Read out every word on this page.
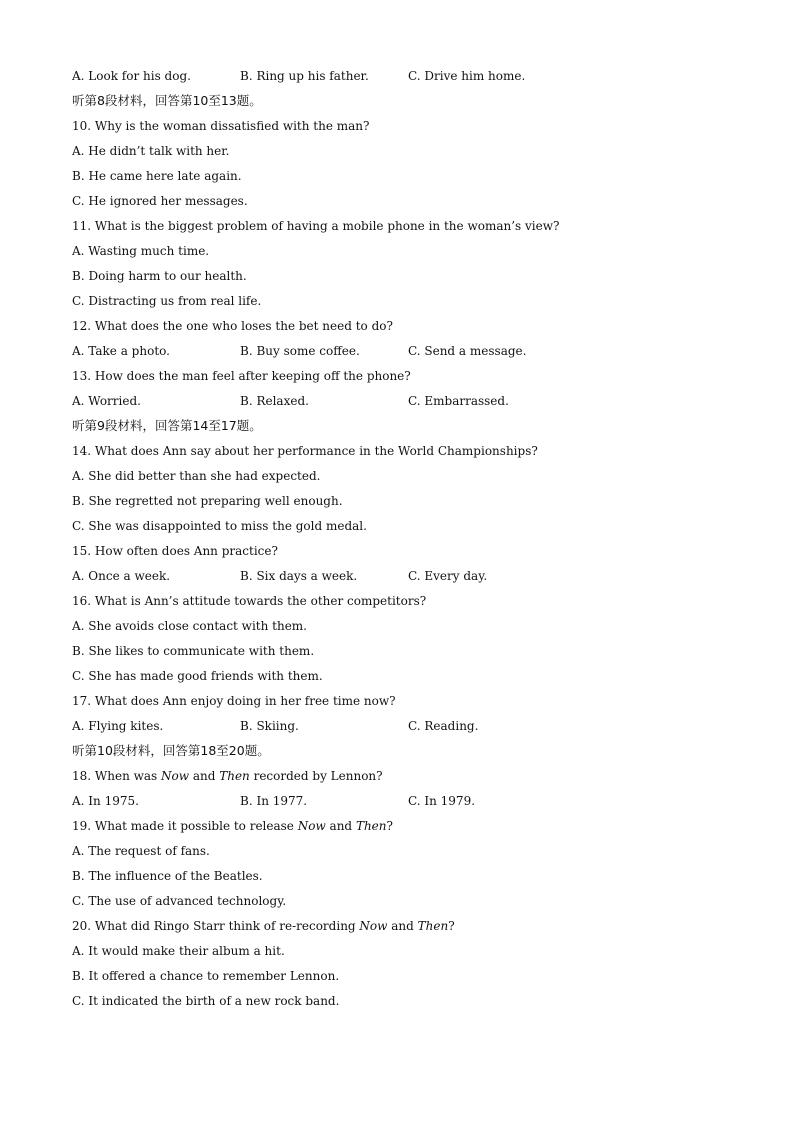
A. Look for his dog.	B. Ring up his father.	C. Drive him home.
听第8段材料，回答第10至13题。
10. Why is the woman dissatisfied with the man?
A. He didn’t talk with her.
B. He came here late again.
C. He ignored her messages.
11. What is the biggest problem of having a mobile phone in the woman’s view?
A. Wasting much time.
B. Doing harm to our health.
C. Distracting us from real life.
12. What does the one who loses the bet need to do?
A. Take a photo.	B. Buy some coffee.	C. Send a message.
13. How does the man feel after keeping off the phone?
A. Worried.	B. Relaxed.	C. Embarrassed.
听第9段材料，回答第14至17题。
14. What does Ann say about her performance in the World Championships?
A. She did better than she had expected.
B. She regretted not preparing well enough.
C. She was disappointed to miss the gold medal.
15. How often does Ann practice?
A. Once a week.	B. Six days a week.	C. Every day.
16. What is Ann’s attitude towards the other competitors?
A. She avoids close contact with them.
B. She likes to communicate with them.
C. She has made good friends with them.
17. What does Ann enjoy doing in her free time now?
A. Flying kites.	B. Skiing.	C. Reading.
听第10段材料，回答第18至20题。
18. When was Now and Then recorded by Lennon?
A. In 1975.	B. In 1977.	C. In 1979.
19. What made it possible to release Now and Then ?
A. The request of fans.
B. The influence of the Beatles.
C. The use of advanced technology.
20. What did Ringo Starr think of re-recording Now and Then ?
A. It would make their album a hit.
B. It offered a chance to remember Lennon.
C. It indicated the birth of a new rock band.
